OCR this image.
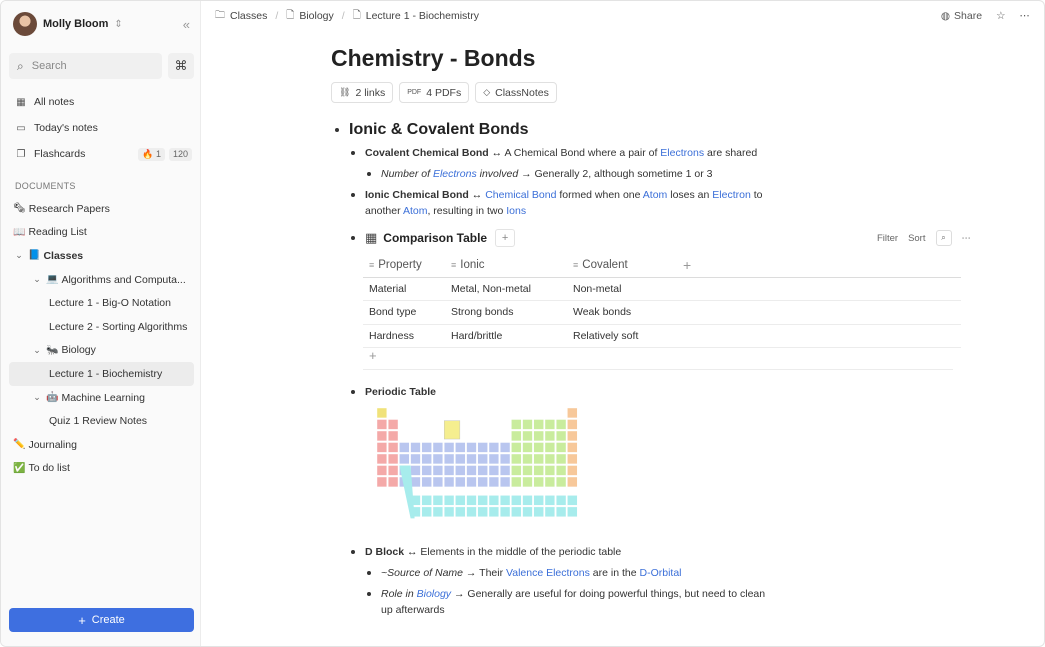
Molly Bloom ⇕	«
⌕ Search	⌘
▦ All notes
▭ Today's notes
❐ Flashcards	🔥 1	120
DOCUMENTS
🗞 Research Papers
📖 Reading List
⌄ 📘 Classes
⌄ 💻 Algorithms and Computa...
Lecture 1 - Big-O Notation
Lecture 2 - Sorting Algorithms
⌄ 🐜 Biology
Lecture 1 - Biochemistry
⌄ 🤖 Machine Learning
Quiz 1 Review Notes
✏️ Journaling
✅ To do list
+ Create
🗀 Classes / 🗋 Biology / 🗋 Lecture 1 - Biochemistry	◍ Share ☆ ⋯
Chemistry - Bonds
⛓ 2 links	PDF 4 PDFs ◇ ClassNotes
Ionic & Covalent Bonds
Covalent Chemical Bond ↔ A Chemical Bond where a pair of Electrons are shared
Number of Electrons involved → Generally 2, although sometime 1 or 3
Ionic Chemical Bond ↔ Chemical Bond formed when one Atom loses an Electron to another Atom, resulting in two Ions
▦ Comparison Table +	Filter Sort ⌕ ⋯
≡ Property	≡ Ionic	≡ Covalent	+
Material	Metal, Non-metal	Non-metal	
Bond type	Strong bonds	Weak bonds	
Hardness	Hard/brittle	Relatively soft	
+
Periodic Table
D Block ↔ Elements in the middle of the periodic table
~Source of Name → Their Valence Electrons are in the D-Orbital
Role in Biology → Generally are useful for doing powerful things, but need to clean up afterwards
